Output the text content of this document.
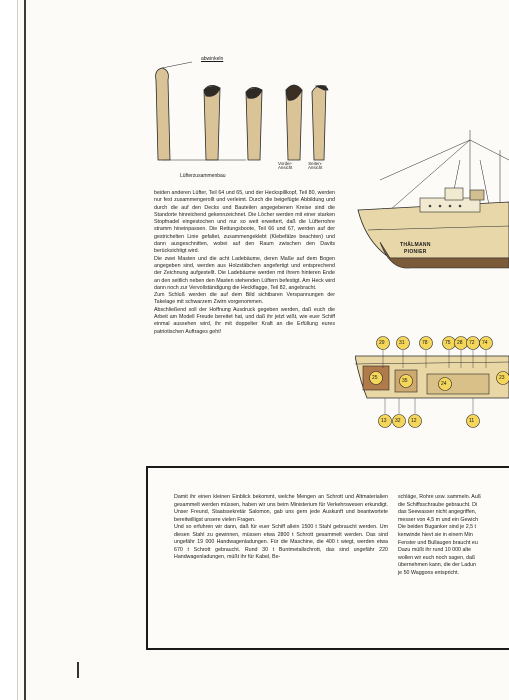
abwinkeln
Lüfterzusammenbau
Vorder-
Ansicht
Seiten-
Ansicht

beiden anderen Lüfter, Teil 64 und 65, und der Heckspillkopf, Teil 80, werden nur fest zusammengerollt und verleimt. Durch die beigefügte Abbildung und durch die auf den Decks und Bauteilen angegebenen Kreise sind die Standorte hinreichend gekennzeichnet. Die Löcher werden mit einer starken Stopfnadel eingestochen und nur so weit erweitert, daß die Lüfterrohre stramm hineinpassen. Die Rettungsboote, Teil 66 und 67, werden auf der gestrichelten Linie gefaltet, zusammengeklebt (Klebefälze beachten) und dann ausgeschnitten, wobei auf den Raum zwischen den Davits berücksichtigt wird.

Die zwei Masten und die acht Ladebäume, deren Maße auf dem Bogen angegeben sind, werden aus Holzstäbchen angefertigt und entsprechend der Zeichnung aufgestellt. Die Ladebäume werden mit ihrem hinteren Ende an den seitlich neben den Masten stehenden Lüftern befestigt. Am Heck wird dann noch zur Vervollständigung die Heckflagge, Teil 82, angebracht.

Zum Schluß werden die auf dem Bild sichtbaren Verspannungen der Takelage mit schwarzem Zwirn vorgenommen.

Abschließend soll der Hoffnung Ausdruck gegeben werden, daß euch die Arbeit am Modell Freude bereitet hat, und daß ihr jetzt wißt, wie euer Schiff einmal aussehen wird, ihr mit doppelter Kraft an die Erfüllung eures patriotischen Auftrages geht!

THÄLMANN
PIONIER
29	31	78	75 28 72 74
25	35	24
13 32 12	11
23

Damit ihr einen kleinen Einblick bekommt, welche Mengen an Schrott und Altmaterialien gesammelt werden müssen, haben wir uns beim Ministerium für Verkehrswesen erkundigt. Unser Freund, Staatssekretär Salomon, gab uns gern jede Auskunft und beantwortete bereitwilligst unsere vielen Fragen.

Und so erfuhren wir dann, daß für euer Schiff allein 1500 t Stahl gebraucht werden. Um diesen Stahl zu gewinnen, müssen etwa 2800 t Schrott gesammelt werden. Das sind ungefähr 19 000 Handwagenladungen. Für die Maschine, die 400 t wiegt, werden etwa 670 t Schrott gebraucht. Rund 30 t Buntmetallschrott, das sind ungefähr 220 Handwagenladungen, müßt ihr für Kabel, Be-

schläge, Rohre usw. sammeln. Auß

die Schiffsschraube gebraucht. Di

das Seewasser nicht angegriffen,

messer von 4,5 m und ein Gewich

Die beiden Buganker sind je 2,5 t

kenwinde hievt sie in einem Min

Fenster und Bullaugen braucht eu

Dazu müßt ihr rund 10 000 alte

wollen wir euch noch sagen, daß

übernehmen kann, die der Ladun

je 50 Waggons entspricht.
